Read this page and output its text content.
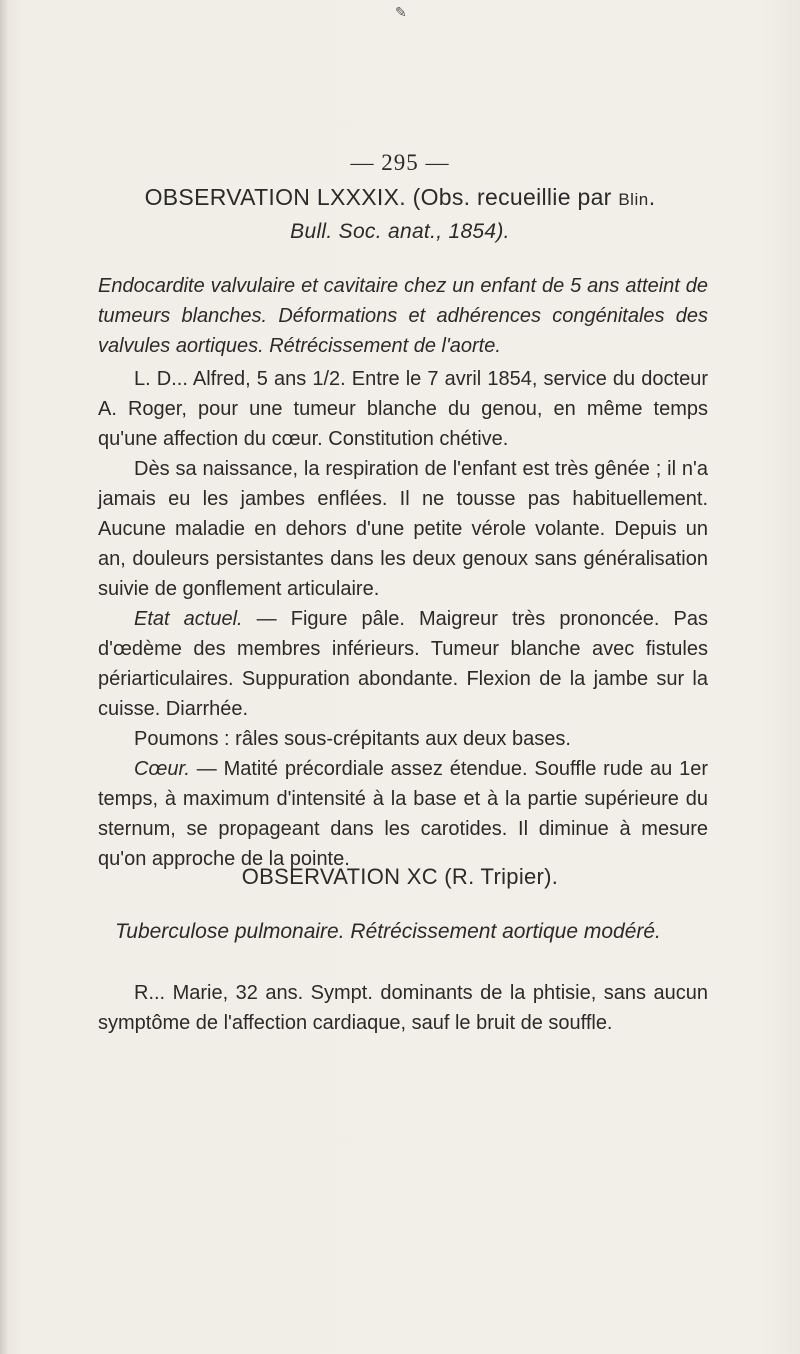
✎
— 295 —
OBSERVATION LXXXIX. (Obs. recueillie par Blin.
Bull. Soc. anat., 1854).
Endocardite valvulaire et cavitaire chez un enfant de 5 ans atteint de tumeurs blanches. Déformations et adhérences congénitales des valvules aortiques. Rétrécissement de l'aorte.

L. D... Alfred, 5 ans 1/2. Entre le 7 avril 1854, service du docteur A. Roger, pour une tumeur blanche du genou, en même temps qu'une affection du cœur. Constitution chétive.

Dès sa naissance, la respiration de l'enfant est très gênée ; il n'a jamais eu les jambes enflées. Il ne tousse pas habituellement. Aucune maladie en dehors d'une petite vérole volante. Depuis un an, douleurs persistantes dans les deux genoux sans généralisation suivie de gonflement articulaire.

Etat actuel. — Figure pâle. Maigreur très prononcée. Pas d'œdème des membres inférieurs. Tumeur blanche avec fistules périarticulaires. Suppuration abondante. Flexion de la jambe sur la cuisse. Diarrhée.

Poumons : râles sous-crépitants aux deux bases.

Cœur. — Matité précordiale assez étendue. Souffle rude au 1er temps, à maximum d'intensité à la base et à la partie supérieure du sternum, se propageant dans les carotides. Il diminue à mesure qu'on approche de la pointe.

OBSERVATION XC (R. Tripier).
Tuberculose pulmonaire. Rétrécissement aortique modéré.

R... Marie, 32 ans. Sympt. dominants de la phtisie, sans aucun symptôme de l'affection cardiaque, sauf le bruit de souffle.
